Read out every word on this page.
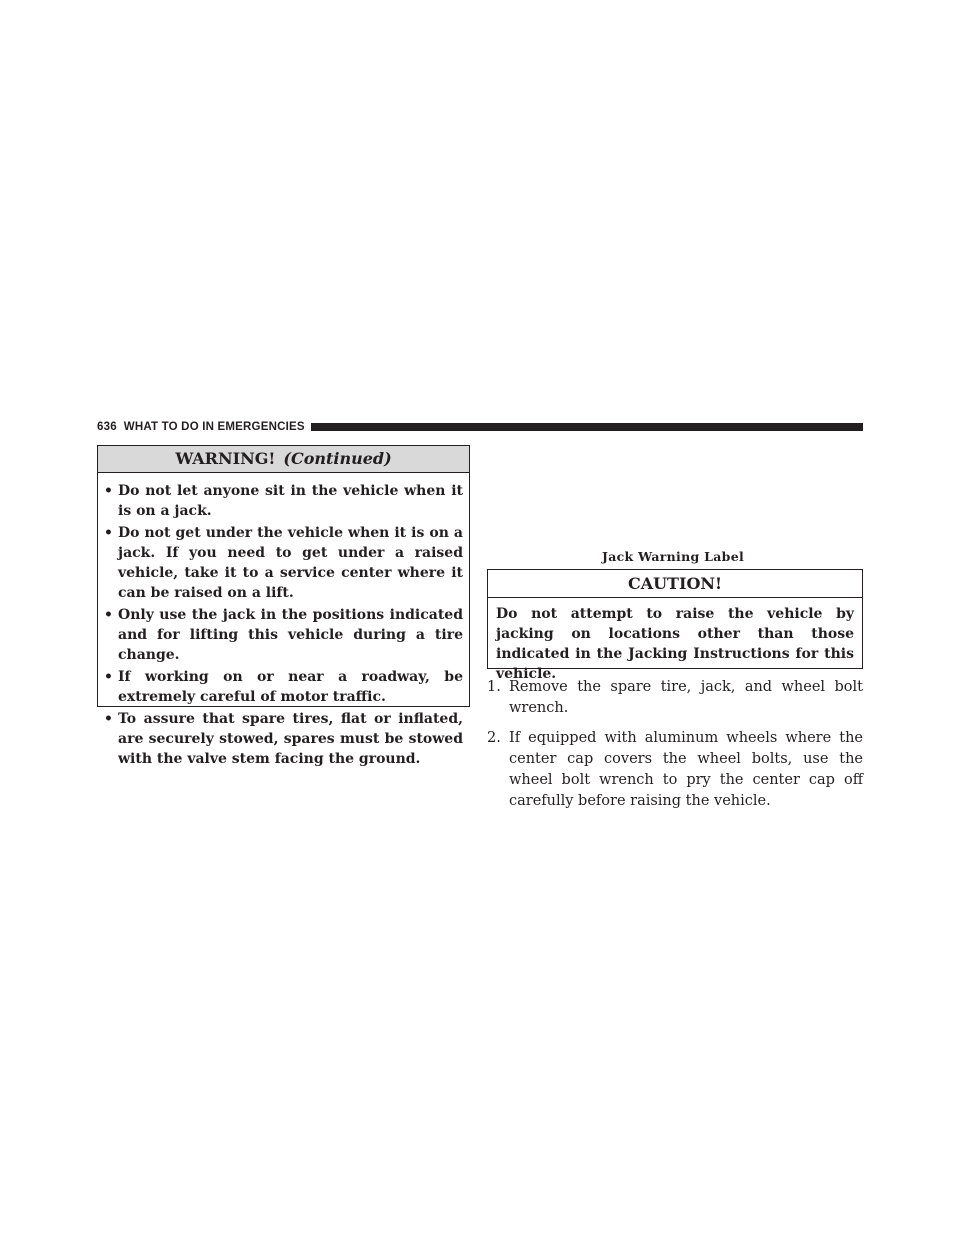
636 WHAT TO DO IN EMERGENCIES
WARNING! (Continued)
• Do not let anyone sit in the vehicle when it is on a jack.
• Do not get under the vehicle when it is on a jack. If you need to get under a raised vehicle, take it to a service center where it can be raised on a lift.
• Only use the jack in the positions indicated and for lifting this vehicle during a tire change.
• If working on or near a roadway, be extremely careful of motor traffic.
• To assure that spare tires, flat or inflated, are securely stowed, spares must be stowed with the valve stem facing the ground.
Jack Warning Label
CAUTION!
Do not attempt to raise the vehicle by jacking on locations other than those indicated in the Jacking Instructions for this vehicle.
1. Remove the spare tire, jack, and wheel bolt wrench.
2. If equipped with aluminum wheels where the center cap covers the wheel bolts, use the wheel bolt wrench to pry the center cap off carefully before raising the vehicle.
